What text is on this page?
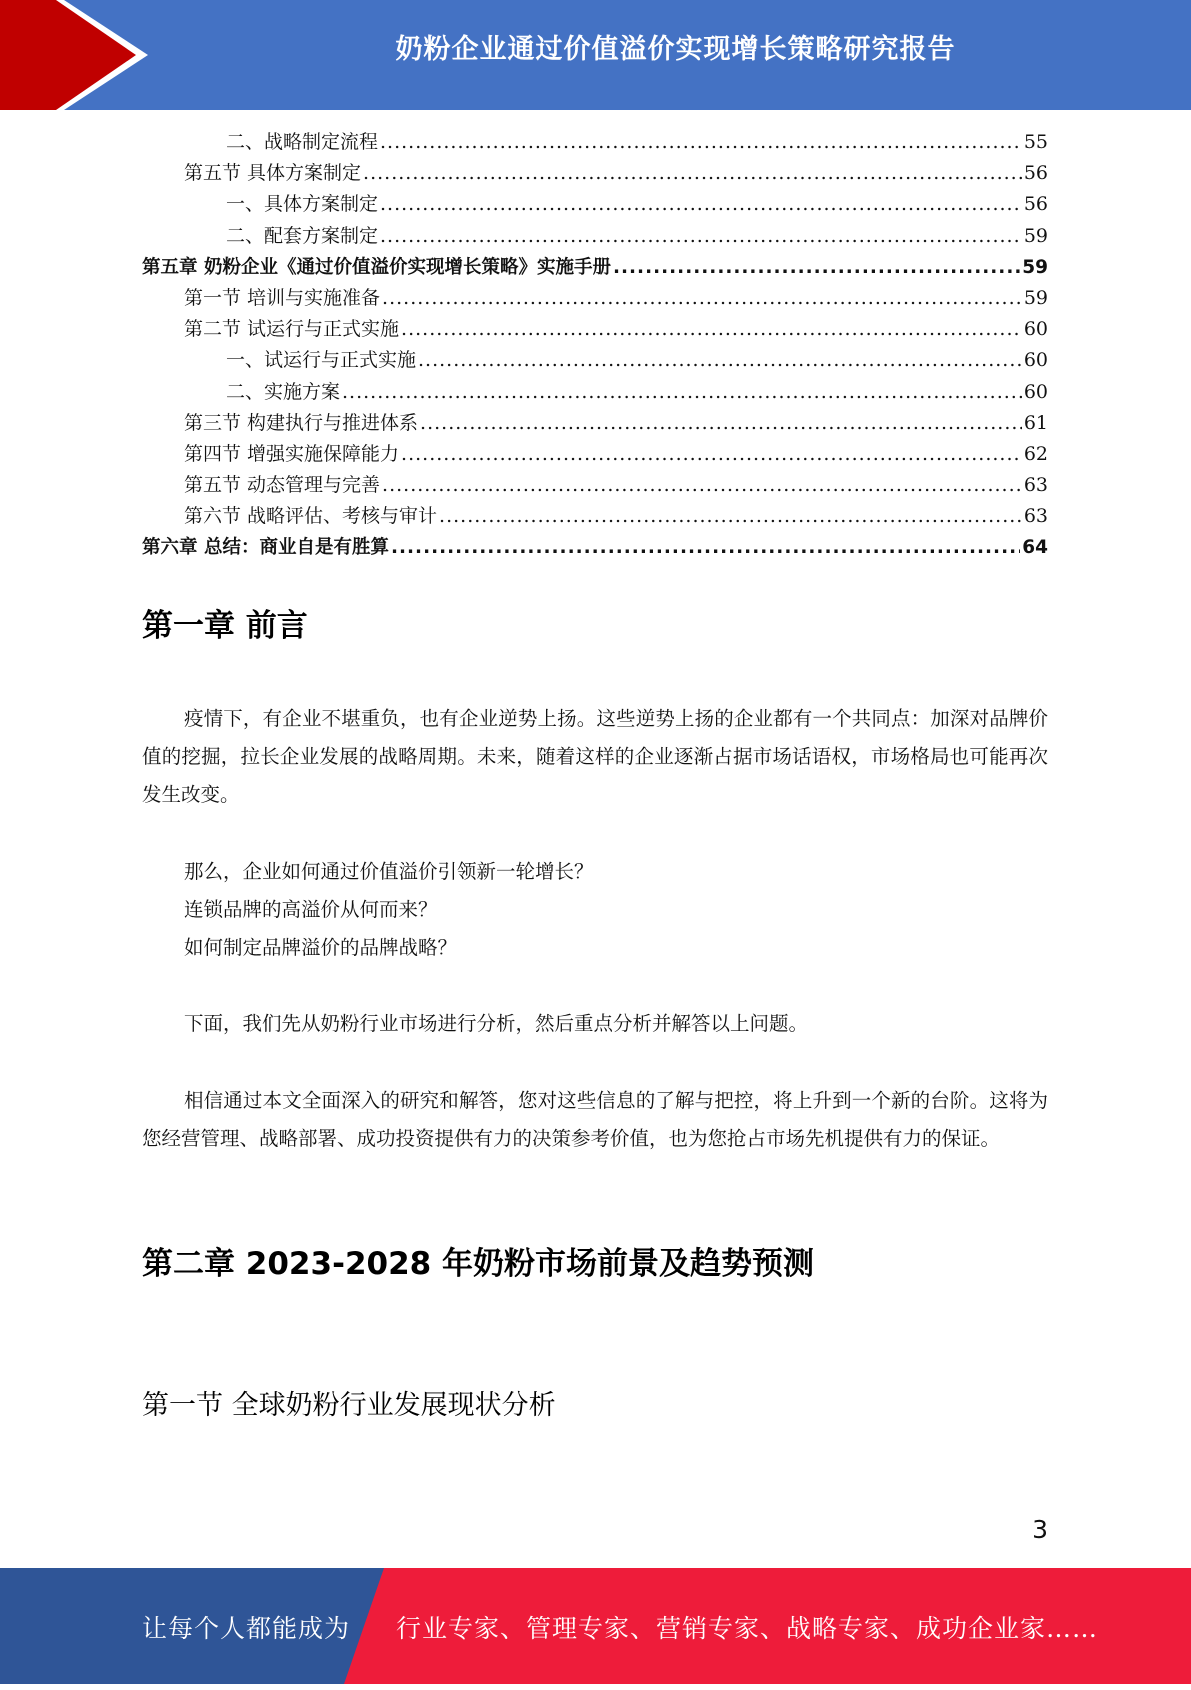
奶粉企业通过价值溢价实现增长策略研究报告
二、战略制定流程 .....	55
第五节 具体方案制定 .....	56
一、具体方案制定 .....	56
二、配套方案制定 .....	59
第五章 奶粉企业《通过价值溢价实现增长策略》实施手册 .....	59
第一节 培训与实施准备 .....	59
第二节 试运行与正式实施 .....	60
一、试运行与正式实施 .....	60
二、实施方案 .....	60
第三节 构建执行与推进体系 .....	61
第四节 增强实施保障能力 .....	62
第五节 动态管理与完善 .....	63
第六节 战略评估、考核与审计 .....	63
第六章 总结：商业自是有胜算 .....	64
第一章 前言

疫情下，有企业不堪重负，也有企业逆势上扬。这些逆势上扬的企业都有一个共同点：加深对品牌价值的挖掘，拉长企业发展的战略周期。未来，随着这样的企业逐渐占据市场话语权，市场格局也可能再次发生改变。

那么，企业如何通过价值溢价引领新一轮增长？

连锁品牌的高溢价从何而来？

如何制定品牌溢价的品牌战略？

下面，我们先从奶粉行业市场进行分析，然后重点分析并解答以上问题。

相信通过本文全面深入的研究和解答，您对这些信息的了解与把控，将上升到一个新的台阶。这将为您经营管理、战略部署、成功投资提供有力的决策参考价值，也为您抢占市场先机提供有力的保证。

第二章 2023-2028 年奶粉市场前景及趋势预测
第一节 全球奶粉行业发展现状分析
3
让每个人都能成为 行业专家、管理专家、营销专家、战略专家、成功企业家……
